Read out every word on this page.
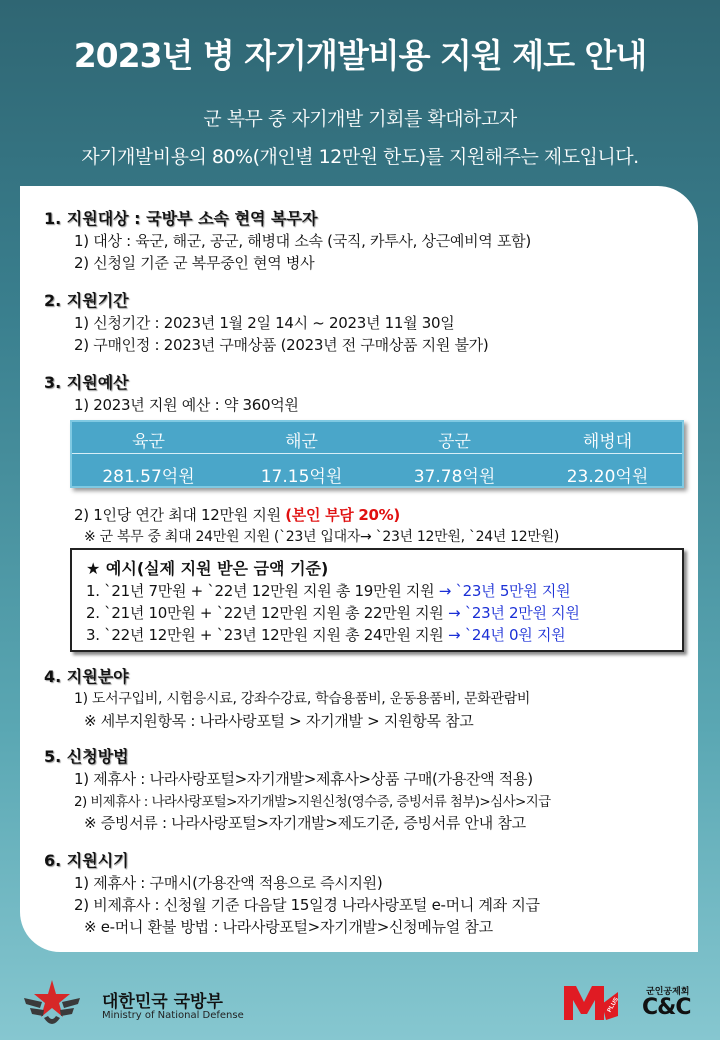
2023년 병 자기개발비용 지원 제도 안내
군 복무 중 자기개발 기회를 확대하고자
자기개발비용의 80%(개인별 12만원 한도)를 지원해주는 제도입니다.
1. 지원대상 : 국방부 소속 현역 복무자
1) 대상 : 육군, 해군, 공군, 해병대 소속 (국직, 카투사, 상근예비역 포함)
2) 신청일 기준 군 복무중인 현역 병사
2. 지원기간
1) 신청기간 : 2023년 1월 2일 14시 ~ 2023년 11월 30일
2) 구매인정 : 2023년 구매상품 (2023년 전 구매상품 지원 불가)
3. 지원예산
1) 2023년 지원 예산 : 약 360억원
육군	해군	공군	해병대
281.57억원	17.15억원	37.78억원	23.20억원
2) 1인당 연간 최대 12만원 지원 (본인 부담 20%)
※ 군 복무 중 최대 24만원 지원 (`23년 입대자→ `23년 12만원, `24년 12만원)
★ 예시(실제 지원 받은 금액 기준)
1. `21년 7만원 + `22년 12만원 지원 총 19만원 지원 → `23년 5만원 지원
2. `21년 10만원 + `22년 12만원 지원 총 22만원 지원 → `23년 2만원 지원
3. `22년 12만원 + `23년 12만원 지원 총 24만원 지원 → `24년 0원 지원
4. 지원분야
1) 도서구입비, 시험응시료, 강좌수강료, 학습용품비, 운동용품비, 문화관람비
※ 세부지원항목 : 나라사랑포털 > 자기개발 > 지원항목 참고
5. 신청방법
1) 제휴사 : 나라사랑포털>자기개발>제휴사>상품 구매(가용잔액 적용)
2) 비제휴사 : 나라사랑포털>자기개발>지원신청(영수증, 증빙서류 첨부)>심사>지급
※ 증빙서류 : 나라사랑포털>자기개발>제도기준, 증빙서류 안내 참고
6. 지원시기
1) 제휴사 : 구매시(가용잔액 적용으로 즉시지원)
2) 비제휴사 : 신청월 기준 다음달 15일경 나라사랑포털 e-머니 계좌 지급
※ e-머니 환불 방법 : 나라사랑포털>자기개발>신청메뉴얼 참고
대한민국 국방부
Ministry of National Defense
PLUS
군인공제회
C&C
